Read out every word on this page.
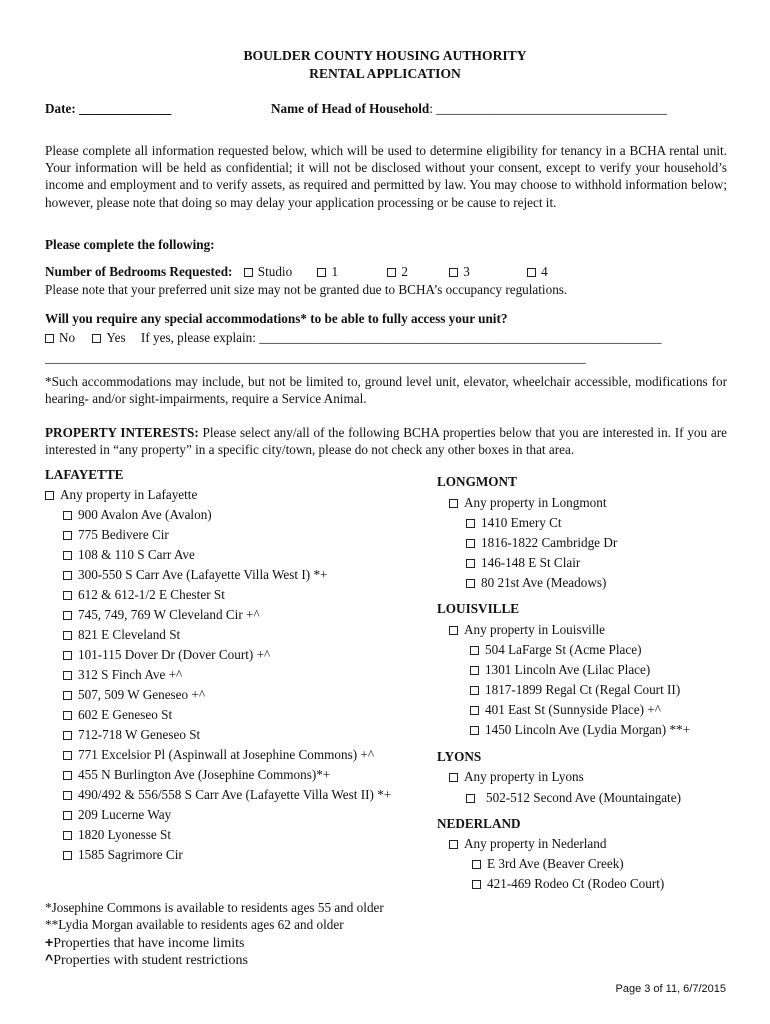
BOULDER COUNTY HOUSING AUTHORITY
RENTAL APPLICATION
Date: ______________	Name of Head of Household: ___________________________________
Please complete all information requested below, which will be used to determine eligibility for tenancy in a BCHA rental unit. Your information will be held as confidential; it will not be disclosed without your consent, except to verify your household’s income and employment and to verify assets, as required and permitted by law. You may choose to withhold information below; however, please note that doing so may delay your application processing or be cause to reject it.
Please complete the following:
Number of Bedrooms Requested: Studio	1	2	3	4
Please note that your preferred unit size may not be granted due to BCHA’s occupancy regulations.
Will you require any special accommodations* to be able to fully access your unit?
No Yes If yes, please explain: _____________________________________________________________
__________________________________________________________________________________
*Such accommodations may include, but not be limited to, ground level unit, elevator, wheelchair accessible, modifications for hearing- and/or sight-impairments, require a Service Animal.
PROPERTY INTERESTS: Please select any/all of the following BCHA properties below that you are interested in. If you are interested in “any property” in a specific city/town, please do not check any other boxes in that area.
LAFAYETTE
Any property in Lafayette
900 Avalon Ave (Avalon)
775 Bedivere Cir
108 & 110 S Carr Ave
300-550 S Carr Ave (Lafayette Villa West I) *+
612 & 612-1/2 E Chester St
745, 749, 769 W Cleveland Cir +^
821 E Cleveland St
101-115 Dover Dr (Dover Court) +^
312 S Finch Ave +^
507, 509 W Geneseo +^
602 E Geneseo St
712-718 W Geneseo St
771 Excelsior Pl (Aspinwall at Josephine Commons) +^
455 N Burlington Ave (Josephine Commons)*+
490/492 & 556/558 S Carr Ave (Lafayette Villa West II) *+
209 Lucerne Way
1820 Lyonesse St
1585 Sagrimore Cir
LONGMONT
Any property in Longmont
1410 Emery Ct
1816-1822 Cambridge Dr
146-148 E St Clair
80 21st Ave (Meadows)
LOUISVILLE
Any property in Louisville
504 LaFarge St (Acme Place)
1301 Lincoln Ave (Lilac Place)
1817-1899 Regal Ct (Regal Court II)
401 East St (Sunnyside Place) +^
1450 Lincoln Ave (Lydia Morgan) **+
LYONS
Any property in Lyons
502-512 Second Ave (Mountaingate)
NEDERLAND
Any property in Nederland
E 3rd Ave (Beaver Creek)
421-469 Rodeo Ct (Rodeo Court)
*Josephine Commons is available to residents ages 55 and older
**Lydia Morgan available to residents ages 62 and older
+Properties that have income limits
^Properties with student restrictions
Page 3 of 11, 6/7/2015
